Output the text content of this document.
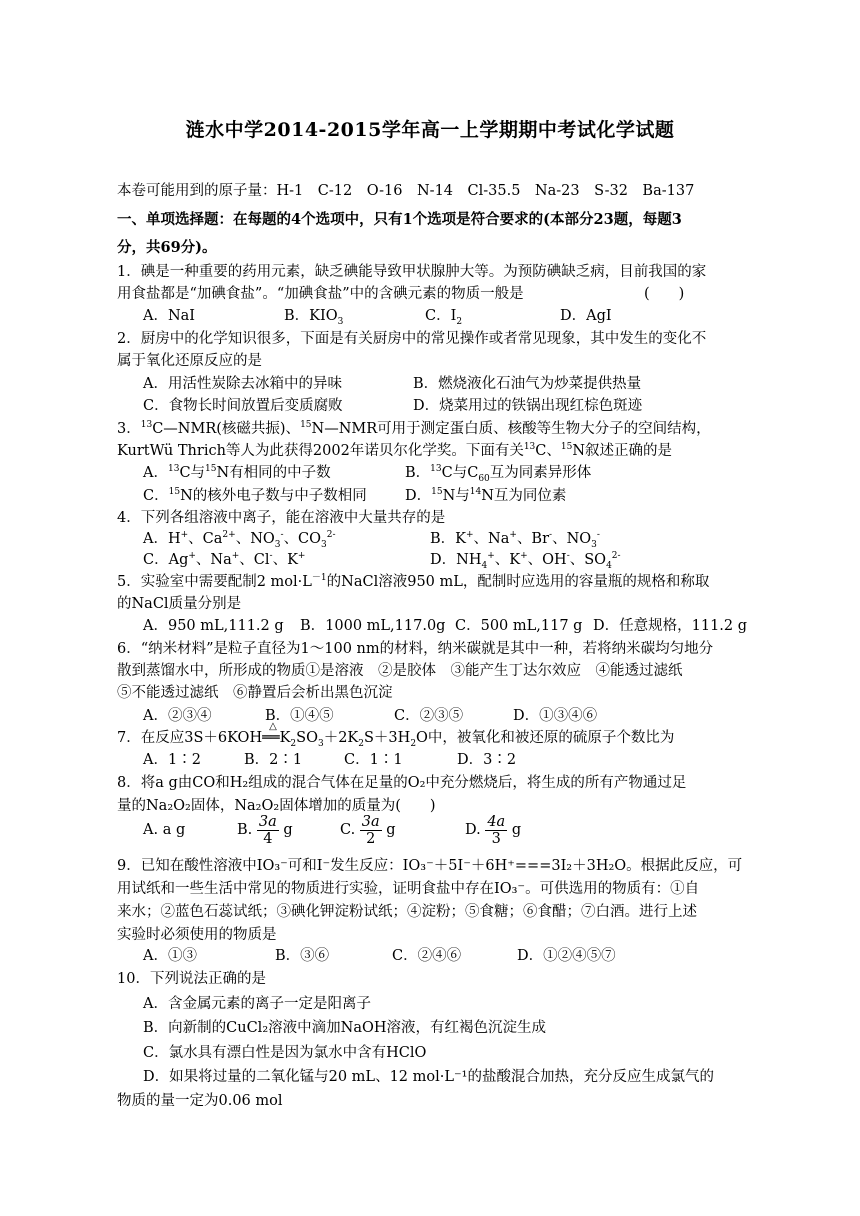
涟水中学2014-2015学年高一上学期期中考试化学试题
本卷可能用到的原子量：H-1　C-12　O-16　N-14　Cl-35.5　Na-23　S-32　Ba-137
一、单项选择题：在每题的4个选项中，只有1个选项是符合要求的(本部分23题，每题3
分，共69分)。
1．碘是一种重要的药用元素，缺乏碘能导致甲状腺肿大等。为预防碘缺乏病，目前我国的家
用食盐都是“加碘食盐”。“加碘食盐”中的含碘元素的物质一般是	(　　)
A．NaI	B．$KIO_3$	C．$I_2$	D．AgI
2．厨房中的化学知识很多，下面是有关厨房中的常见操作或者常见现象，其中发生的变化不
属于氧化还原反应的是
A．用活性炭除去冰箱中的异味	B．燃烧液化石油气为炒菜提供热量
C．食物长时间放置后变质腐败	D．烧菜用过的铁锅出现红棕色斑迹
3．$^{13}$C—NMR(核磁共振)、$^{15}$N—NMR可用于测定蛋白质、核酸等生物大分子的空间结构，
KurtWü Thrich等人为此获得2002年诺贝尔化学奖。下面有关$^{13}$C、$^{15}$N叙述正确的是
A．$^{13}$C与$^{15}$N有相同的中子数	B．$^{13}$C与$C_{60}$互为同素异形体
C．$^{15}$N的核外电子数与中子数相同	D．$^{15}$N与$^{14}$N互为同位素
4．下列各组溶液中离子，能在溶液中大量共存的是
A．H+、$Ca^{2+}$、$NO_3^-$、$CO_3^{2-}$	B．K+、Na+、Br-、$NO_3^-$
C．Ag+、Na+、Cl-、K+	D．$NH_4^+$、K+、OH-、$SO_4^{2-}$
5．实验室中需要配制2 $mol\cdot L^{-1}$的NaCl溶液950 mL，配制时应选用的容量瓶的规格和称取
的NaCl质量分别是
A．950 mL,111.2 g B．1000 mL,117.0g C．500 mL,117 g D．任意规格，111.2 g
6．“纳米材料”是粒子直径为1～100 nm的材料，纳米碳就是其中一种，若将纳米碳均匀地分
散到蒸馏水中，所形成的物质①是溶液　②是胶体　③能产生丁达尔效应　④能透过滤纸
⑤不能透过滤纸　⑥静置后会析出黑色沉淀
A．②③④	B．①④⑤	C．②③⑤	D．①③④⑥
7．在反应3S＋6KOH
△
$══K_2SO_3+2K_2S+3H_2O$中，被氧化和被还原的硫原子个数比为
A．1∶2	B．2∶1	C．1∶1	D．3∶2
8．将a g由CO和H₂组成的混合气体在足量的O₂中充分燃烧后，将生成的所有产物通过足
量的Na₂O₂固体，Na₂O₂固体增加的质量为(　　)
A. a g	B. $\frac{3a}{4}$ g	C. $\frac{3a}{2}$ g	D. $\frac{4a}{3}$ g
9．已知在酸性溶液中IO₃⁻可和I⁻发生反应：IO₃⁻＋5I⁻＋6H⁺===3I₂＋3H₂O。根据此反应，可
用试纸和一些生活中常见的物质进行实验，证明食盐中存在IO₃⁻。可供选用的物质有：①自
来水；②蓝色石蕊试纸；③碘化钾淀粉试纸；④淀粉；⑤食糖；⑥食醋；⑦白酒。进行上述
实验时必须使用的物质是
A．①③	B．③⑥	C．②④⑥	D．①②④⑤⑦
10．下列说法正确的是
A．含金属元素的离子一定是阳离子
B．向新制的CuCl₂溶液中滴加NaOH溶液，有红褐色沉淀生成
C．氯水具有漂白性是因为氯水中含有HClO
D．如果将过量的二氧化锰与20 mL、12 mol·L⁻¹的盐酸混合加热，充分反应生成氯气的
物质的量一定为0.06 mol
